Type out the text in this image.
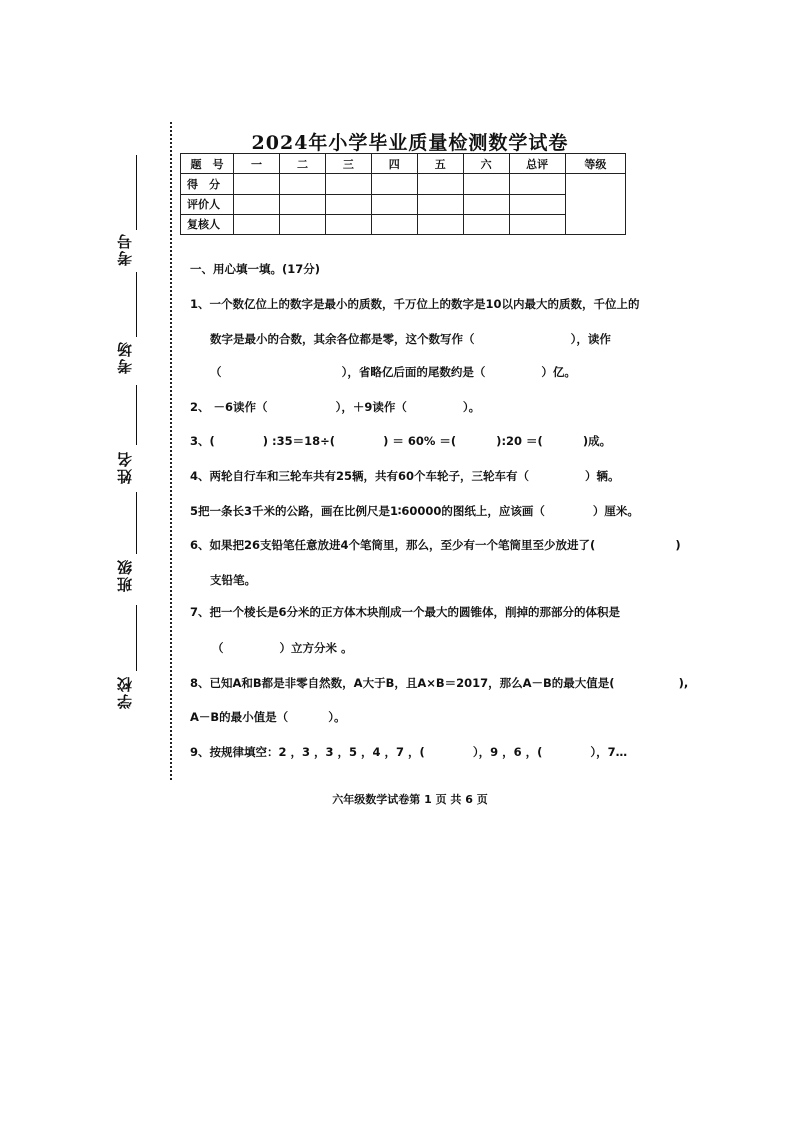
考号
考场
姓名
班级
学校
2024年小学毕业质量检测数学试卷
题　号	一	二	三	四	五	六	总评	等级
得　分								
评价人								
复核人								
一、用心填一填。(17分)
1、一个数亿位上的数字是最小的质数，千万位上的数字是10以内最大的质数，千位上的
数字是最小的合数，其余各位都是零，这个数写作（                        ），读作
（                              ），省略亿后面的尾数约是（              ）亿。
2、 －6读作（                 ），＋9读作（              ）。
3、(            ) :35＝18÷(            ) ＝ 60% ＝(          ):20 ＝(          )成。
4、两轮自行车和三轮车共有25辆，共有60个车轮子，三轮车有（              ）辆。
5把一条长3千米的公路，画在比例尺是1∶60000的图纸上，应该画（            ）厘米。
6、如果把26支铅笔任意放进4个笔筒里，那么，至少有一个笔筒里至少放进了(                    )
支铅笔。
7、把一个棱长是6分米的正方体木块削成一个最大的圆锥体，削掉的那部分的体积是
（              ）立方分米 。
8、已知A和B都是非零自然数，A大于B，且A×B＝2017，那么A－B的最大值是(                ),
A－B的最小值是（          ）。
9、按规律填空：2 ，3 ，3 ，5 ，4 ，7 ，(            ），9 ，6 ，(            ），7…
六年级数学试卷第 1 页 共 6 页
